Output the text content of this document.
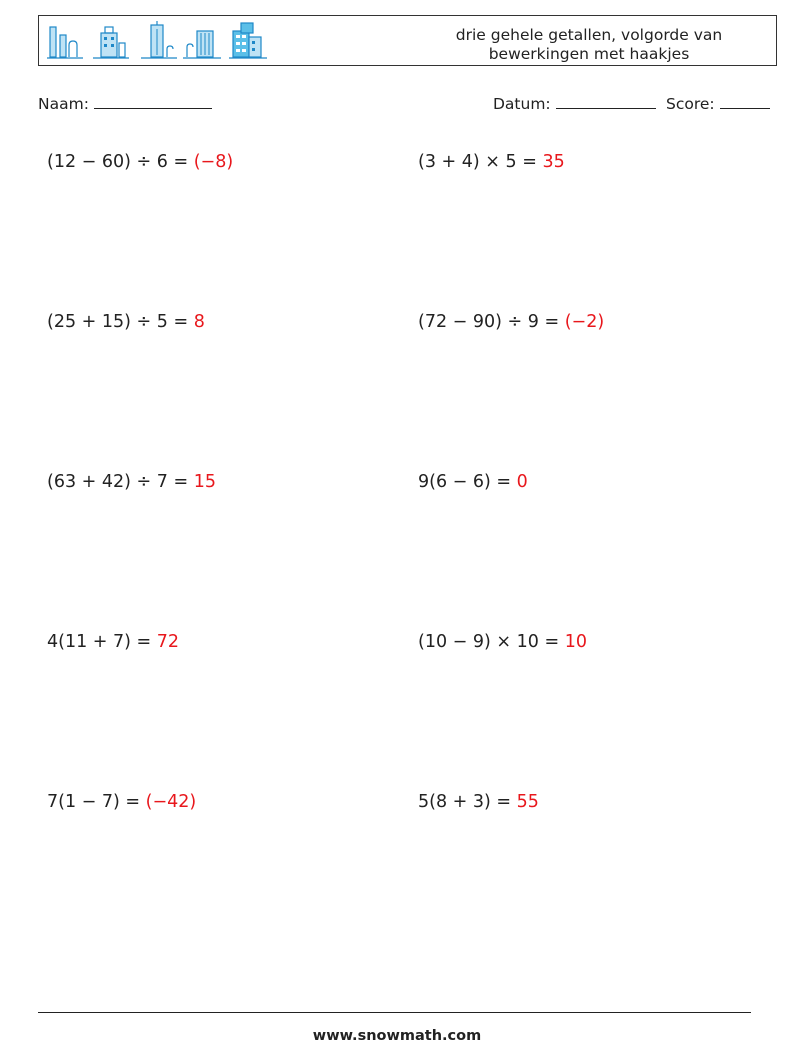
drie gehele getallen, volgorde van
bewerkingen met haakjes
Naam:	Datum:	Score:
(12 − 60) ÷ 6 = (−8)	(3 + 4) × 5 = 35
(25 + 15) ÷ 5 = 8	(72 − 90) ÷ 9 = (−2)
(63 + 42) ÷ 7 = 15	9(6 − 6) = 0
4(11 + 7) = 72	(10 − 9) × 10 = 10
7(1 − 7) = (−42)	5(8 + 3) = 55
www.snowmath.com
